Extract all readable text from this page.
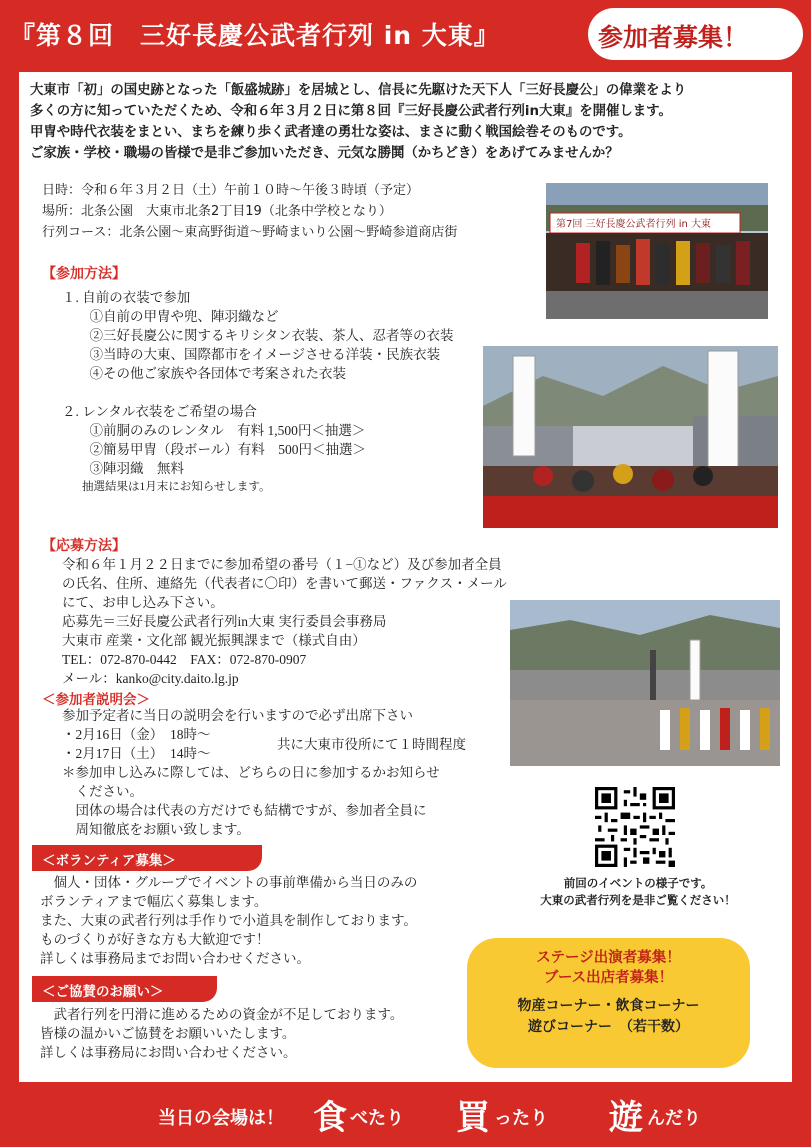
『第８回　三好長慶公武者行列 in 大東』	参加者募集！
大東市「初」の国史跡となった「飯盛城跡」を居城とし、信長に先駆けた天下人「三好長慶公」の偉業をより
多くの方に知っていただくため、令和６年３月２日に第８回『三好長慶公武者行列in大東』を開催します。
甲冑や時代衣装をまとい、まちを練り歩く武者達の勇壮な姿は、まさに動く戦国絵巻そのものです。
ご家族・学校・職場の皆様で是非ご参加いただき、元気な勝鬨（かちどき）をあげてみませんか？
日時：令和６年３月２日（土）午前１０時〜午後３時頃（予定）
場所：北条公園　大東市北条2丁目19（北条中学校となり）
行列コース：北条公園〜東高野街道〜野崎まいり公園〜野崎参道商店街
第7回 三好長慶公武者行列 in 大東
【参加方法】
１. 自前の衣装で参加
　①自前の甲冑や兜、陣羽織など
　②三好長慶公に関するキリシタン衣装、茶人、忍者等の衣装
　③当時の大東、国際都市をイメージさせる洋装・民族衣装
　④その他ご家族や各団体で考案された衣装
２. レンタル衣装をご希望の場合
　①前胴のみのレンタル　有料 1,500円＜抽選＞
　②簡易甲冑（段ボール）有料　500円＜抽選＞
　③陣羽織　無料
抽選結果は1月末にお知らせします。
【応募方法】
令和６年１月２２日までに参加希望の番号（１−①など）及び参加者全員
の氏名、住所、連絡先（代表者に〇印）を書いて郵送・ファクス・メール
にて、お申し込み下さい。
応募先＝三好長慶公武者行列in大東 実行委員会事務局
大東市 産業・文化部 観光振興課まで（様式自由）
TEL：072-870-0442　FAX：072-870-0907
メール：kanko@city.daito.lg.jp
＜参加者説明会＞
参加予定者に当日の説明会を行いますので必ず出席下さい
・2月16日（金）　18時〜
・2月17日（土）　14時〜
＊参加申し込みに際しては、どちらの日に参加するかお知らせ
　ください。
　団体の場合は代表の方だけでも結構ですが、参加者全員に
　周知徹底をお願い致します。
共に大東市役所にて１時間程度
前回のイベントの様子です。
大東の武者行列を是非ご覧ください！
＜ボランティア募集＞
　個人・団体・グループでイベントの事前準備から当日のみの
ボランティアまで幅広く募集します。
また、大東の武者行列は手作りで小道具を制作しております。
ものづくりが好きな方も大歓迎です！
詳しくは事務局までお問い合わせください。
＜ご協賛のお願い＞
　武者行列を円滑に進めるための資金が不足しております。
皆様の温かいご協賛をお願いいたします。
詳しくは事務局にお問い合わせください。
ステージ出演者募集！
ブース出店者募集！
物産コーナー・飲食コーナー
遊びコーナー　（若干数）
当日の会場は！ 食 べたり 買 ったり 遊 んだり
